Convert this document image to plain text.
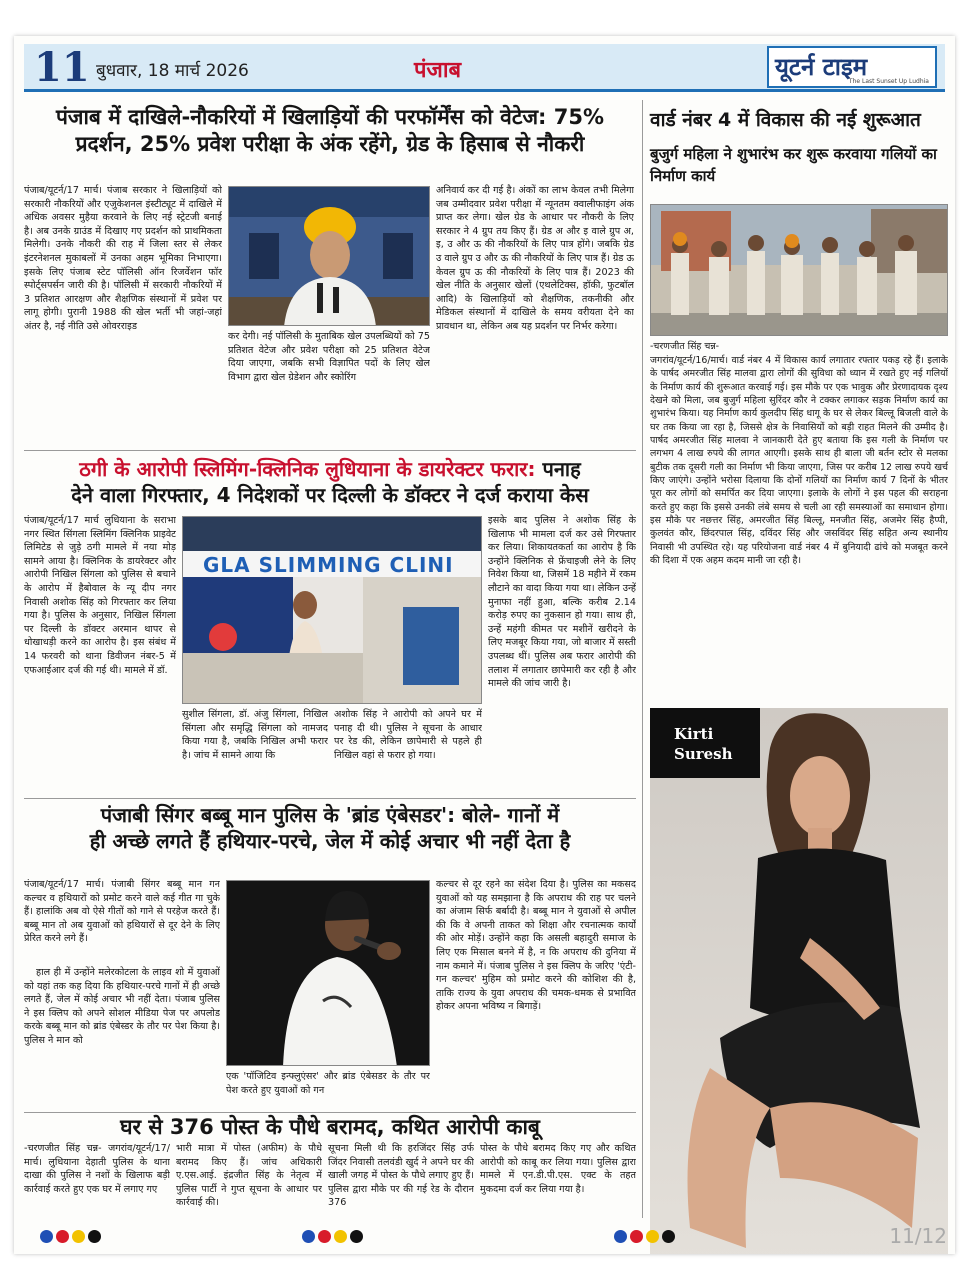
11 बुधवार, 18 मार्च 2026	पंजाब	यूटर्न टाइम
The Last Sunset Up Ludhia
पंजाब में दाखिले-नौकरियों में खिलाड़ियों की परफॉर्मेंस को वेटेज: 75%
प्रदर्शन, 25% प्रवेश परीक्षा के अंक रहेंगे, ग्रेड के हिसाब से नौकरी
पंजाब/यूटर्न/17 मार्च। पंजाब सरकार ने खिलाड़ियों को सरकारी नौकरियों और एजुकेशनल इंस्टीट्यूट में दाखिले में अधिक अवसर मुहैया करवाने के लिए नई स्ट्रेटजी बनाई है। अब उनके ग्राउंड में दिखाए गए प्रदर्शन को प्राथमिकता मिलेगी। उनके नौकरी की राह में जिला स्तर से लेकर इंटरनेशनल मुकाबलों में उनका अहम भूमिका निभाएगा। इसके लिए पंजाब स्टेट पॉलिसी ऑन रिजर्वेशन फॉर स्पोर्ट्सपर्सन जारी की है। पॉलिसी में सरकारी नौकरियों में 3 प्रतिशत आरक्षण और शैक्षणिक संस्थानों में प्रवेश पर लागू होगी। पुरानी 1988 की खेल भर्ती भी जहां-जहां अंतर है, नई नीति उसे ओवरराइड
कर देगी। नई पॉलिसी के मुताबिक खेल उपलब्धियों को 75 प्रतिशत वेटेज और प्रवेश परीक्षा को 25 प्रतिशत वेटेज दिया जाएगा, जबकि सभी विज्ञापित पदों के लिए खेल विभाग द्वारा खेल ग्रेडेशन और स्कोरिंग
अनिवार्य कर दी गई है। अंकों का लाभ केवल तभी मिलेगा जब उम्मीदवार प्रवेश परीक्षा में न्यूनतम क्वालीफाइंग अंक प्राप्त कर लेगा। खेल ग्रेड के आधार पर नौकरी के लिए सरकार ने 4 ग्रुप तय किए हैं। ग्रेड अ और इ वाले ग्रुप अ, इ, उ और ऊ की नौकरियों के लिए पात्र होंगे। जबकि ग्रेड उ वाले ग्रुप उ और ऊ की नौकरियों के लिए पात्र हैं। ग्रेड ऊ केवल ग्रुप ऊ की नौकरियों के लिए पात्र हैं। 2023 की खेल नीति के अनुसार खेलों (एथलेटिक्स, हॉकी, फुटबॉल आदि) के खिलाड़ियों को शैक्षणिक, तकनीकी और मेडिकल संस्थानों में दाखिले के समय वरीयता देने का प्रावधान था, लेकिन अब यह प्रदर्शन पर निर्भर करेगा।
ठगी के आरोपी स्लिमिंग-क्लिनिक लुधियाना के डायरेक्टर फरार: पनाह
देने वाला गिरफ्तार, 4 निदेशकों पर दिल्ली के डॉक्टर ने दर्ज कराया केस
पंजाब/यूटर्न/17 मार्च लुधियाना के सराभा नगर स्थित सिंगला स्लिमिंग क्लिनिक प्राइवेट लिमिटेड से जुड़े ठगी मामले में नया मोड़ सामने आया है। क्लिनिक के डायरेक्टर और आरोपी निखिल सिंगला को पुलिस से बचाने के आरोप में हैबोवाल के न्यू दीप नगर निवासी अशोक सिंह को गिरफ्तार कर लिया गया है। पुलिस के अनुसार, निखिल सिंगला पर दिल्ली के डॉक्टर अरमान थापर से धोखाधड़ी करने का आरोप है। इस संबंध में 14 फरवरी को थाना डिवीजन नंबर-5 में एफआईआर दर्ज की गई थी। मामले में डॉ.
GLA SLIMMING CLINI
सुशील सिंगला, डॉ. अंजु सिंगला, निखिल सिंगला और समृद्धि सिंगला को नामजद किया गया है, जबकि निखिल अभी फरार है। जांच में सामने आया कि
अशोक सिंह ने आरोपी को अपने घर में पनाह दी थी। पुलिस ने सूचना के आधार पर रेड की, लेकिन छापेमारी से पहले ही निखिल वहां से फरार हो गया।
इसके बाद पुलिस ने अशोक सिंह के खिलाफ भी मामला दर्ज कर उसे गिरफ्तार कर लिया। शिकायतकर्ता का आरोप है कि उन्होंने क्लिनिक से फ्रेंचाइजी लेने के लिए निवेश किया था, जिसमें 18 महीने में रकम लौटाने का वादा किया गया था। लेकिन उन्हें मुनाफा नहीं हुआ, बल्कि करीब 2.14 करोड़ रुपए का नुकसान हो गया। साथ ही, उन्हें महंगी कीमत पर मशीनें खरीदने के लिए मजबूर किया गया, जो बाजार में सस्ती उपलब्ध थीं। पुलिस अब फरार आरोपी की तलाश में लगातार छापेमारी कर रही है और मामले की जांच जारी है।
पंजाबी सिंगर बब्बू मान पुलिस के 'ब्रांड एंबेसडर': बोले- गानों में
ही अच्छे लगते हैं हथियार-परचे, जेल में कोई अचार भी नहीं देता है
पंजाब/यूटर्न/17 मार्च। पंजाबी सिंगर बब्बू मान गन कल्चर व हथियारों को प्रमोट करने वाले कई गीत गा चुके हैं। हालांकि अब वो ऐसे गीतों को गाने से परहेज करते हैं। बब्बू मान तो अब युवाओं को हथियारों से दूर देने के लिए प्रेरित करने लगे हैं।
हाल ही में उन्होंने मलेरकोटला के लाइव शो में युवाओं को यहां तक कह दिया कि हथियार-परचे गानों में ही अच्छे लगते हैं, जेल में कोई अचार भी नहीं देता। पंजाब पुलिस ने इस क्लिप को अपने सोशल मीडिया पेज पर अपलोड करके बब्बू मान को ब्रांड एंबेस्डर के तौर पर पेश किया है। पुलिस ने मान को
एक 'पॉजिटिव इन्फ्लुएंसर' और ब्रांड एंबेसडर के तौर पर पेश करते हुए युवाओं को गन
कल्चर से दूर रहने का संदेश दिया है। पुलिस का मकसद युवाओं को यह समझाना है कि अपराध की राह पर चलने का अंजाम सिर्फ बर्बादी है। बब्बू मान ने युवाओं से अपील की कि वे अपनी ताकत को शिक्षा और रचनात्मक कार्यों की ओर मोड़ें। उन्होंने कहा कि असली बहादुरी समाज के लिए एक मिसाल बनने में है, न कि अपराध की दुनिया में नाम कमाने में। पंजाब पुलिस ने इस क्लिप के जरिए 'एंटी-गन कल्चर' मुहिम को प्रमोट करने की कोशिश की है, ताकि राज्य के युवा अपराध की चमक-धमक से प्रभावित होकर अपना भविष्य न बिगाड़ें।
घर से 376 पोस्त के पौधे बरामद, कथित आरोपी काबू
-चरणजीत सिंह चन्न- जगरांव/यूटर्न/17/मार्च। लुधियाना देहाती पुलिस के थाना दाखा की पुलिस ने नशों के खिलाफ बड़ी कार्रवाई करते हुए एक घर में लगाए गए
भारी मात्रा में पोस्त (अफीम) के पौधे बरामद किए हैं। जांच अधिकारी ए.एस.आई. इंद्रजीत सिंह के नेतृत्व में पुलिस पार्टी ने गुप्त सूचना के आधार पर कार्रवाई की।
सूचना मिली थी कि हरजिंदर सिंह उर्फ जिंदर निवासी तलवंडी खुर्द ने अपने घर की खाली जगह में पोस्त के पौधे लगाए हुए हैं। पुलिस द्वारा मौके पर की गई रेड के दौरान 376
पोस्त के पौधे बरामद किए गए और कथित आरोपी को काबू कर लिया गया। पुलिस द्वारा मामले में एन.डी.पी.एस. एक्ट के तहत मुकदमा दर्ज कर लिया गया है।
वार्ड नंबर 4 में विकास की नई शुरूआत
बुजुर्ग महिला ने शुभारंभ कर शुरू करवाया गलियों का निर्माण कार्य
-चरणजीत सिंह चन्न-
जगरांव/यूटर्न/16/मार्च। वार्ड नंबर 4 में विकास कार्य लगातार रफ्तार पकड़ रहे हैं। इलाके के पार्षद अमरजीत सिंह मालवा द्वारा लोगों की सुविधा को ध्यान में रखते हुए नई गलियों के निर्माण कार्य की शुरूआत करवाई गई। इस मौके पर एक भावुक और प्रेरणादायक दृश्य देखने को मिला, जब बुजुर्ग महिला सुरिंदर कौर ने टक्कर लगाकर सड़क निर्माण कार्य का शुभारंभ किया। यह निर्माण कार्य कुलदीप सिंह धागू के घर से लेकर बिल्लू बिजली वाले के घर तक किया जा रहा है, जिससे क्षेत्र के निवासियों को बड़ी राहत मिलने की उम्मीद है। पार्षद अमरजीत सिंह मालवा ने जानकारी देते हुए बताया कि इस गली के निर्माण पर लगभग 4 लाख रुपये की लागत आएगी। इसके साथ ही बाला जी बर्तन स्टोर से मलका बुटीक तक दूसरी गली का निर्माण भी किया जाएगा, जिस पर करीब 12 लाख रुपये खर्च किए जाएंगे। उन्होंने भरोसा दिलाया कि दोनों गलियों का निर्माण कार्य 7 दिनों के भीतर पूरा कर लोगों को समर्पित कर दिया जाएगा। इलाके के लोगों ने इस पहल की सराहना करते हुए कहा कि इससे उनकी लंबे समय से चली आ रही समस्याओं का समाधान होगा। इस मौके पर नछत्तर सिंह, अमरजीत सिंह बिल्लू, मनजीत सिंह, अजमेर सिंह हैप्पी, कुलवंत कौर, छिंदरपाल सिंह, दविंदर सिंह और जसविंदर सिंह सहित अन्य स्थानीय निवासी भी उपस्थित रहे। यह परियोजना वार्ड नंबर 4 में बुनियादी ढांचे को मजबूत करने की दिशा में एक अहम कदम मानी जा रही है।
Kirti
Suresh
11/12
